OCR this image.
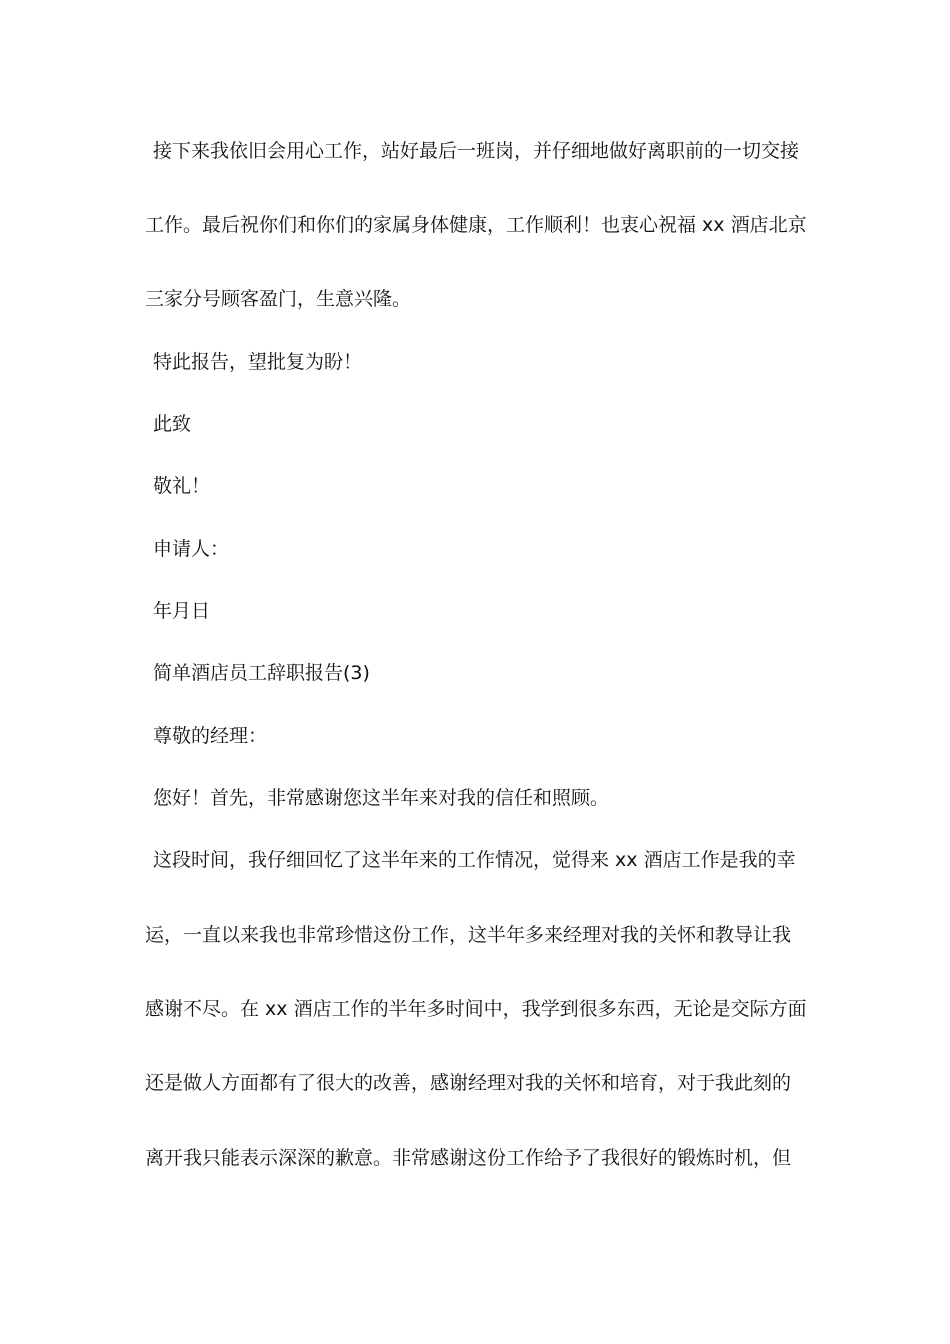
接下来我依旧会用心工作，站好最后一班岗，并仔细地做好离职前的一切交接
工作。最后祝你们和你们的家属身体健康，工作顺利！也衷心祝福 xx 酒店北京
三家分号顾客盈门，生意兴隆。
特此报告，望批复为盼！
此致
敬礼！
申请人：
年月日
简单酒店员工辞职报告(3)
尊敬的经理：
您好！首先，非常感谢您这半年来对我的信任和照顾。
这段时间，我仔细回忆了这半年来的工作情况，觉得来 xx 酒店工作是我的幸
运，一直以来我也非常珍惜这份工作，这半年多来经理对我的关怀和教导让我
感谢不尽。在 xx 酒店工作的半年多时间中，我学到很多东西，无论是交际方面
还是做人方面都有了很大的改善，感谢经理对我的关怀和培育，对于我此刻的
离开我只能表示深深的歉意。非常感谢这份工作给予了我很好的锻炼时机，但
